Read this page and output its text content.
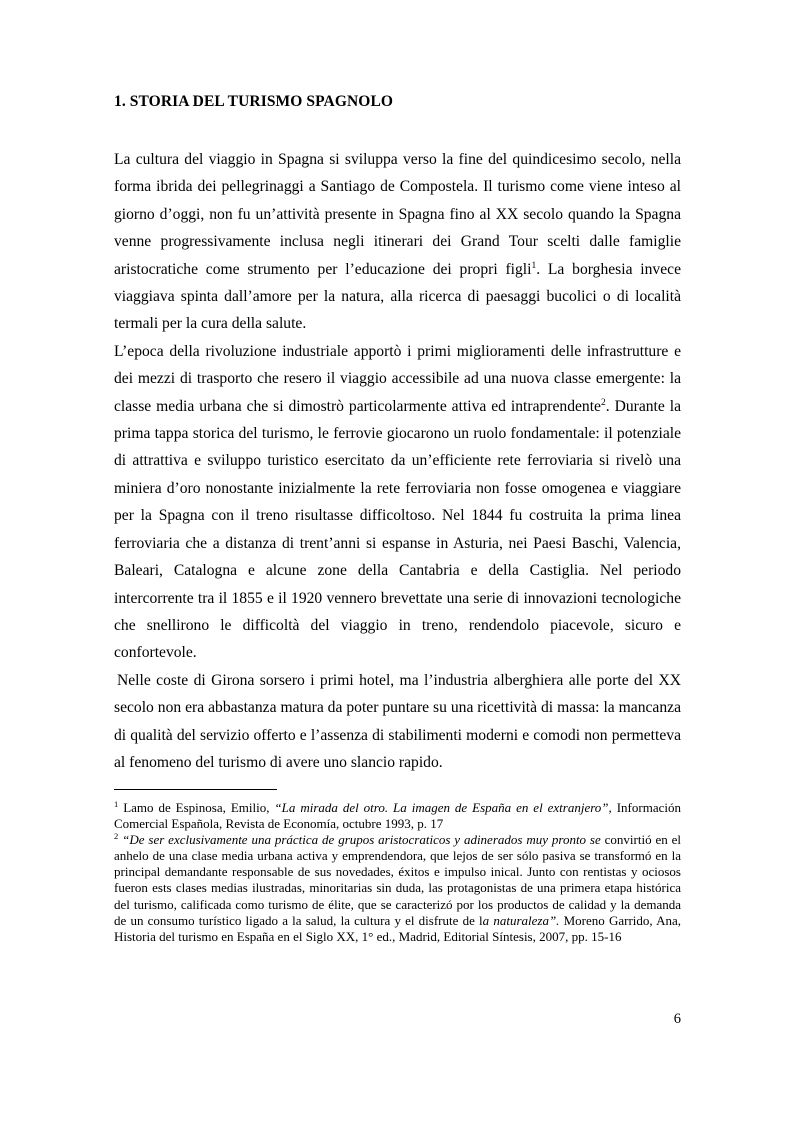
1. STORIA DEL TURISMO SPAGNOLO

La cultura del viaggio in Spagna si sviluppa verso la fine del quindicesimo secolo, nella forma ibrida dei pellegrinaggi a Santiago de Compostela. Il turismo come viene inteso al giorno d’oggi, non fu un’attività presente in Spagna fino al XX secolo quando la Spagna venne progressivamente inclusa negli itinerari dei Grand Tour scelti dalle famiglie aristocratiche come strumento per l’educazione dei propri figli$^1$. La borghesia invece viaggiava spinta dall’amore per la natura, alla ricerca di paesaggi bucolici o di località termali per la cura della salute.

L’epoca della rivoluzione industriale apportò i primi miglioramenti delle infrastrutture e dei mezzi di trasporto che resero il viaggio accessibile ad una nuova classe emergente: la classe media urbana che si dimostrò particolarmente attiva ed intraprendente$^2$. Durante la prima tappa storica del turismo, le ferrovie giocarono un ruolo fondamentale: il potenziale di attrattiva e sviluppo turistico esercitato da un’efficiente rete ferroviaria si rivelò una miniera d’oro nonostante inizialmente la rete ferroviaria non fosse omogenea e viaggiare per la Spagna con il treno risultasse difficoltoso. Nel 1844 fu costruita la prima linea ferroviaria che a distanza di trent’anni si espanse in Asturia, nei Paesi Baschi, Valencia, Baleari, Catalogna e alcune zone della Cantabria e della Castiglia. Nel periodo intercorrente tra il 1855 e il 1920 vennero brevettate una serie di innovazioni tecnologiche che snellirono le difficoltà del viaggio in treno, rendendolo piacevole, sicuro e confortevole.

Nelle coste di Girona sorsero i primi hotel, ma l’industria alberghiera alle porte del XX secolo non era abbastanza matura da poter puntare su una ricettività di massa: la mancanza di qualità del servizio offerto e l’assenza di stabilimenti moderni e comodi non permetteva al fenomeno del turismo di avere uno slancio rapido.

$^1$ Lamo de Espinosa, Emilio, “La mirada del otro. La imagen de España en el extranjero”, Información Comercial Española, Revista de Economía, octubre 1993, p. 17

$^2$ “De ser exclusivamente una práctica de grupos aristocraticos y adinerados muy pronto se convirtió en el anhelo de una clase media urbana activa y emprendendora, que lejos de ser sólo pasiva se transformó en la principal demandante responsable de sus novedades, éxitos e impulso inical. Junto con rentistas y ociosos fueron ests clases medias ilustradas, minoritarias sin duda, las protagonistas de una primera etapa histórica del turismo, calificada como turismo de élite, que se caracterizó por los productos de calidad y la demanda de un consumo turístico ligado a la salud, la cultura y el disfrute de la naturaleza”. Moreno Garrido, Ana, Historia del turismo en España en el Siglo XX, 1° ed., Madrid, Editorial Síntesis, 2007, pp. 15-16

6
